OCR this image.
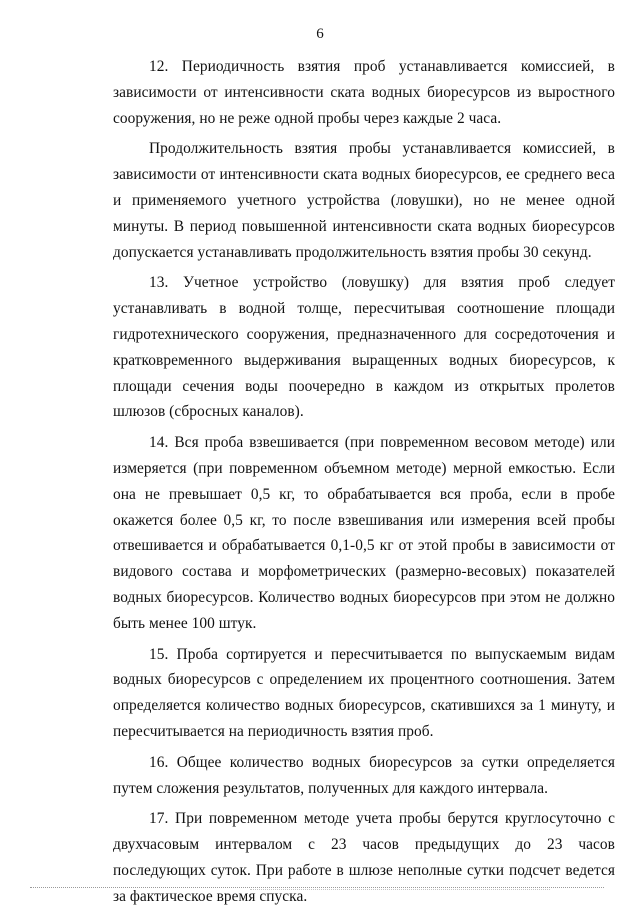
6

12. Периодичность взятия проб устанавливается комиссией, в зависимости от интенсивности ската водных биоресурсов из выростного сооружения, но не реже одной пробы через каждые 2 часа.

Продолжительность взятия пробы устанавливается комиссией, в зависимости от интенсивности ската водных биоресурсов, ее среднего веса и применяемого учетного устройства (ловушки), но не менее одной минуты. В период повышенной интенсивности ската водных биоресурсов допускается устанавливать продолжительность взятия пробы 30 секунд.

13. Учетное устройство (ловушку) для взятия проб следует устанавливать в водной толще, пересчитывая соотношение площади гидротехнического сооружения, предназначенного для сосредоточения и кратковременного выдерживания выращенных водных биоресурсов, к площади сечения воды поочередно в каждом из открытых пролетов шлюзов (сбросных каналов).

14. Вся проба взвешивается (при повременном весовом методе) или измеряется (при повременном объемном методе) мерной емкостью. Если она не превышает 0,5 кг, то обрабатывается вся проба, если в пробе окажется более 0,5 кг, то после взвешивания или измерения всей пробы отвешивается и обрабатывается 0,1-0,5 кг от этой пробы в зависимости от видового состава и морфометрических (размерно-весовых) показателей водных биоресурсов. Количество водных биоресурсов при этом не должно быть менее 100 штук.

15. Проба сортируется и пересчитывается по выпускаемым видам водных биоресурсов с определением их процентного соотношения. Затем определяется количество водных биоресурсов, скатившихся за 1 минуту, и пересчитывается на периодичность взятия проб.

16. Общее количество водных биоресурсов за сутки определяется путем сложения результатов, полученных для каждого интервала.

17. При повременном методе учета пробы берутся круглосуточно с двухчасовым интервалом с 23 часов предыдущих до 23 часов последующих суток. При работе в шлюзе неполные сутки подсчет ведется за фактическое время спуска.
